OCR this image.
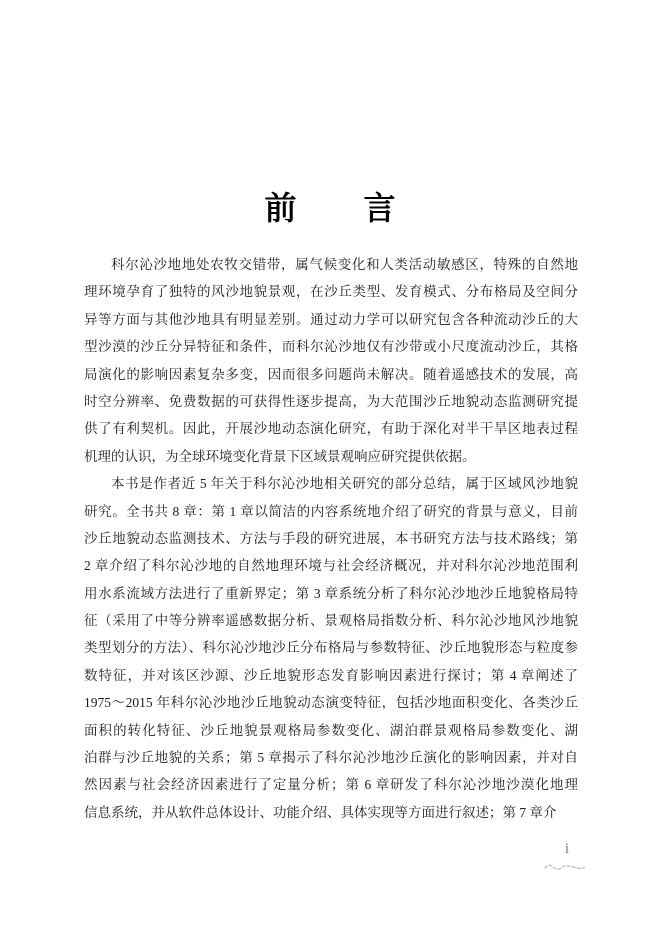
前　　言
科尔沁沙地地处农牧交错带，属气候变化和人类活动敏感区，特殊的自然地
理环境孕育了独特的风沙地貌景观，在沙丘类型、发育模式、分布格局及空间分
异等方面与其他沙地具有明显差别。通过动力学可以研究包含各种流动沙丘的大
型沙漠的沙丘分异特征和条件，而科尔沁沙地仅有沙带或小尺度流动沙丘，其格
局演化的影响因素复杂多变，因而很多问题尚未解决。随着遥感技术的发展，高
时空分辨率、免费数据的可获得性逐步提高，为大范围沙丘地貌动态监测研究提
供了有利契机。因此，开展沙地动态演化研究，有助于深化对半干旱区地表过程
机理的认识，为全球环境变化背景下区域景观响应研究提供依据。
本书是作者近 5 年关于科尔沁沙地相关研究的部分总结，属于区域风沙地貌
研究。全书共 8 章：第 1 章以简洁的内容系统地介绍了研究的背景与意义，目前
沙丘地貌动态监测技术、方法与手段的研究进展，本书研究方法与技术路线；第
2 章介绍了科尔沁沙地的自然地理环境与社会经济概况，并对科尔沁沙地范围利
用水系流域方法进行了重新界定；第 3 章系统分析了科尔沁沙地沙丘地貌格局特
征（采用了中等分辨率遥感数据分析、景观格局指数分析、科尔沁沙地风沙地貌
类型划分的方法）、科尔沁沙地沙丘分布格局与参数特征、沙丘地貌形态与粒度参
数特征，并对该区沙源、沙丘地貌形态发育影响因素进行探讨；第 4 章阐述了
1975～2015 年科尔沁沙地沙丘地貌动态演变特征，包括沙地面积变化、各类沙丘
面积的转化特征、沙丘地貌景观格局参数变化、湖泊群景观格局参数变化、湖
泊群与沙丘地貌的关系；第 5 章揭示了科尔沁沙地沙丘演化的影响因素，并对自
然因素与社会经济因素进行了定量分析；第 6 章研发了科尔沁沙地沙漠化地理
信息系统，并从软件总体设计、功能介绍、具体实现等方面进行叙述；第 7 章介
i
